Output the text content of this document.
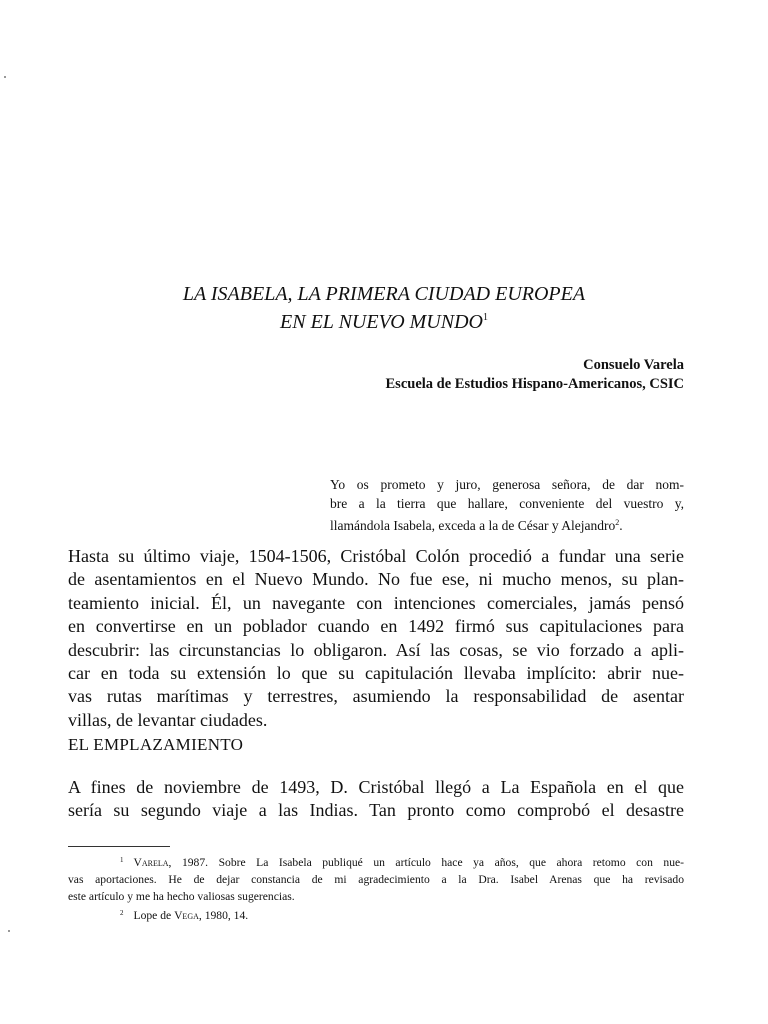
LA ISABELA, LA PRIMERA CIUDAD EUROPEA
EN EL NUEVO MUNDO$^1$
Consuelo Varela
Escuela de Estudios Hispano-Americanos, CSIC
Yo os prometo y juro, generosa señora, de dar nom-
bre a la tierra que hallare, conveniente del vuestro y,
llamándola Isabela, exceda a la de César y Alejandro$^2$.
Hasta su último viaje, 1504-1506, Cristóbal Colón procedió a fundar una serie
de asentamientos en el Nuevo Mundo. No fue ese, ni mucho menos, su plan-
teamiento inicial. Él, un navegante con intenciones comerciales, jamás pensó
en convertirse en un poblador cuando en 1492 firmó sus capitulaciones para
descubrir: las circunstancias lo obligaron. Así las cosas, se vio forzado a apli-
car en toda su extensión lo que su capitulación llevaba implícito: abrir nue-
vas rutas marítimas y terrestres, asumiendo la responsabilidad de asentar
villas, de levantar ciudades.
EL EMPLAZAMIENTO
A fines de noviembre de 1493, D. Cristóbal llegó a La Española en el que
sería su segundo viaje a las Indias. Tan pronto como comprobó el desastre
$^1$ Varela, 1987. Sobre La Isabela publiqué un artículo hace ya años, que ahora retomo con nue-
vas aportaciones. He de dejar constancia de mi agradecimiento a la Dra. Isabel Arenas que ha revisado
este artículo y me ha hecho valiosas sugerencias.
$^2$ Lope de Vega, 1980, 14.
